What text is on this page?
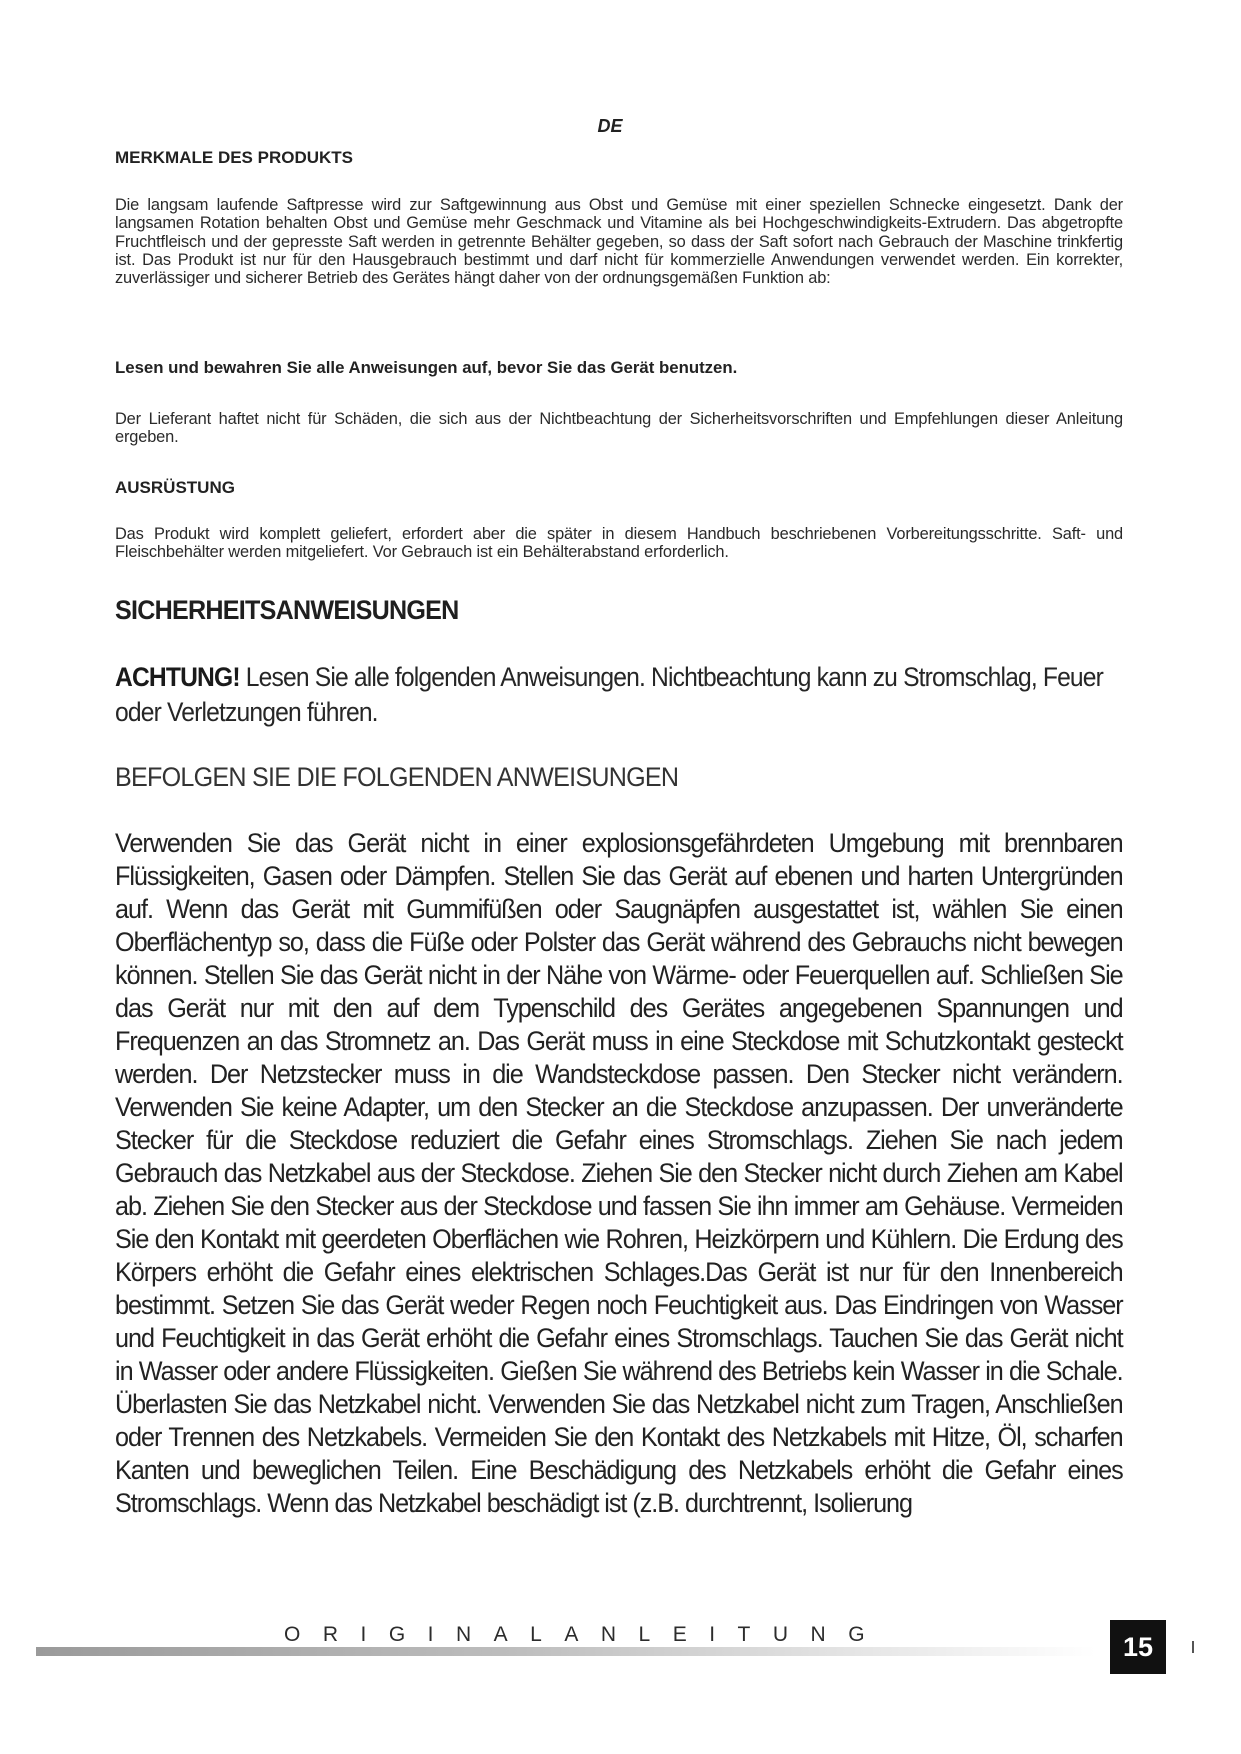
DE

MERKMALE DES PRODUKTS

Die langsam laufende Saftpresse wird zur Saftgewinnung aus Obst und Gemüse mit einer speziellen Schnecke eingesetzt. Dank der langsamen Rotation behalten Obst und Gemüse mehr Geschmack und Vitamine als bei Hochgeschwindigkeits-Extrudern. Das abgetropfte Fruchtfleisch und der gepresste Saft werden in getrennte Behälter gegeben, so dass der Saft sofort nach Gebrauch der Maschine trinkfertig ist. Das Produkt ist nur für den Hausgebrauch bestimmt und darf nicht für kommerzielle Anwendungen verwendet werden. Ein korrekter, zuverlässiger und sicherer Betrieb des Gerätes hängt daher von der ordnungsgemäßen Funktion ab:

Lesen und bewahren Sie alle Anweisungen auf, bevor Sie das Gerät benutzen.

Der Lieferant haftet nicht für Schäden, die sich aus der Nichtbeachtung der Sicherheitsvorschriften und Empfehlungen dieser Anleitung ergeben.

AUSRÜSTUNG

Das Produkt wird komplett geliefert, erfordert aber die später in diesem Handbuch beschriebenen Vorbereitungsschritte. Saft- und Fleischbehälter werden mitgeliefert. Vor Gebrauch ist ein Behälterabstand erforderlich.

SICHERHEITSANWEISUNGEN

ACHTUNG! Lesen Sie alle folgenden Anweisungen. Nichtbeachtung kann zu Stromschlag, Feuer oder Verletzungen führen.

BEFOLGEN SIE DIE FOLGENDEN ANWEISUNGEN

Verwenden Sie das Gerät nicht in einer explosionsgefährdeten Umgebung mit brennbaren Flüssigkeiten, Gasen oder Dämpfen. Stellen Sie das Gerät auf ebenen und harten Untergründen auf. Wenn das Gerät mit Gummifüßen oder Saugnäpfen ausgestattet ist, wählen Sie einen Oberflächentyp so, dass die Füße oder Polster das Gerät während des Gebrauchs nicht bewegen können. Stellen Sie das Gerät nicht in der Nähe von Wärme- oder Feuerquellen auf. Schließen Sie das Gerät nur mit den auf dem Typenschild des Gerätes angegebenen Spannungen und Frequenzen an das Stromnetz an. Das Gerät muss in eine Steckdose mit Schutzkontakt gesteckt werden. Der Netzstecker muss in die Wandsteckdose passen. Den Stecker nicht verändern. Verwenden Sie keine Adapter, um den Stecker an die Steckdose anzupassen. Der unveränderte Stecker für die Steckdose reduziert die Gefahr eines Stromschlags. Ziehen Sie nach jedem Gebrauch das Netzkabel aus der Steckdose. Ziehen Sie den Stecker nicht durch Ziehen am Kabel ab. Ziehen Sie den Stecker aus der Steckdose und fassen Sie ihn immer am Gehäuse. Vermeiden Sie den Kontakt mit geerdeten Oberflächen wie Rohren, Heizkörpern und Kühlern. Die Erdung des Körpers erhöht die Gefahr eines elektrischen Schlages.Das Gerät ist nur für den Innenbereich bestimmt. Setzen Sie das Gerät weder Regen noch Feuchtigkeit aus. Das Eindringen von Wasser und Feuchtigkeit in das Gerät erhöht die Gefahr eines Stromschlags. Tauchen Sie das Gerät nicht in Wasser oder andere Flüssigkeiten. Gießen Sie während des Betriebs kein Wasser in die Schale. Überlasten Sie das Netzkabel nicht. Verwenden Sie das Netzkabel nicht zum Tragen, Anschließen oder Trennen des Netzkabels. Vermeiden Sie den Kontakt des Netzkabels mit Hitze, Öl, scharfen Kanten und beweglichen Teilen. Eine Beschädigung des Netzkabels erhöht die Gefahr eines Stromschlags. Wenn das Netzkabel beschädigt ist (z.B. durchtrennt, Isolierung

ORIGINALANLEITUNG	15
